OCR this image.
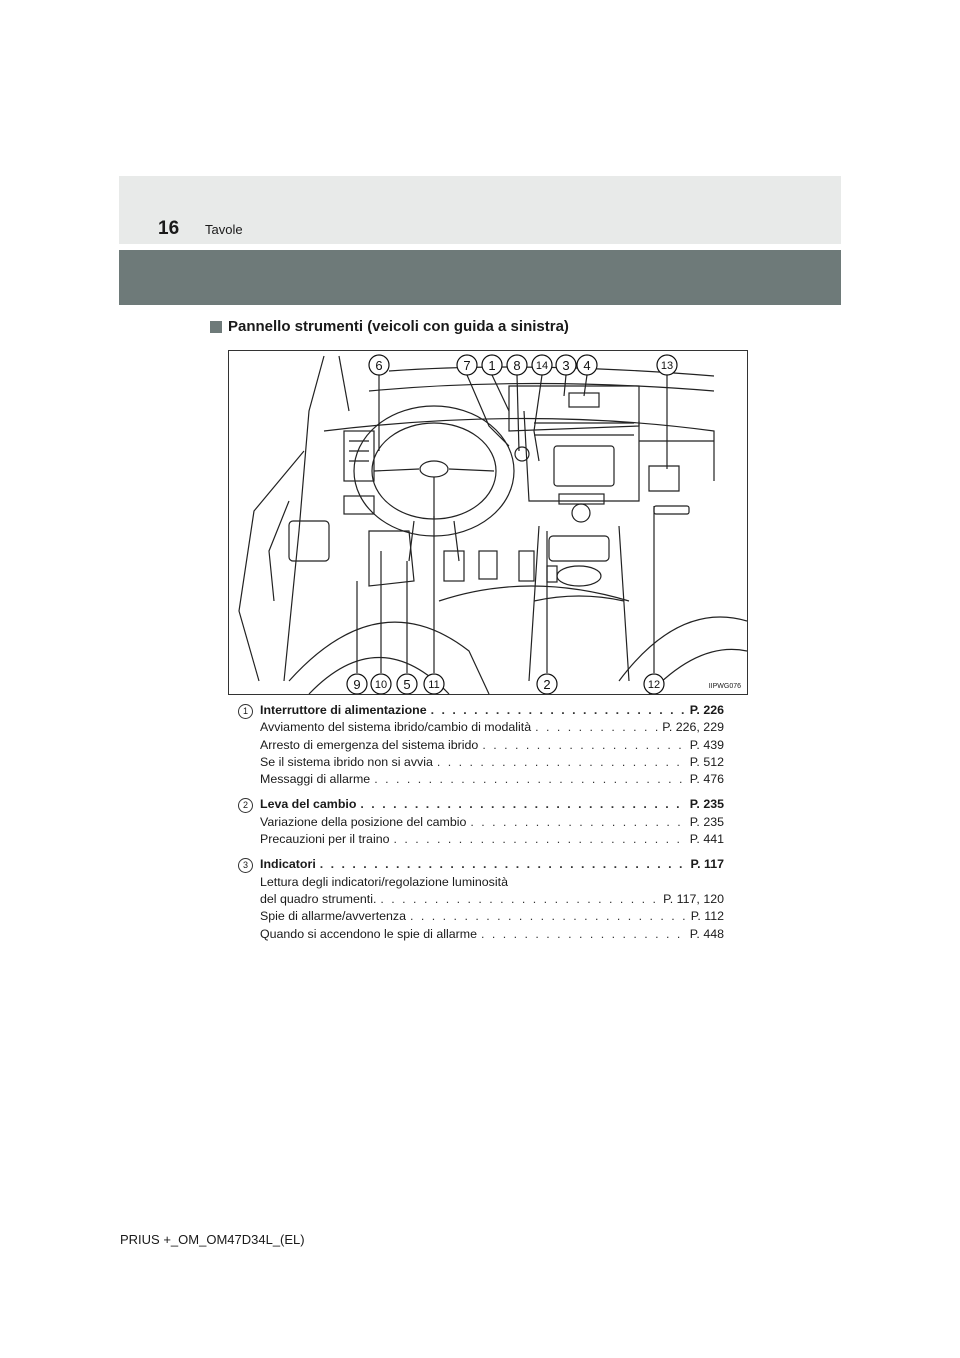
16 Tavole
Pannello strumenti (veicoli con guida a sinistra)
6	7 1 8 14 3 4	13
9 10 5 11	2	12	IIPWG076
1 Interruttore di alimentazione . . .	P. 226
Avviamento del sistema ibrido/cambio di modalità . . .	P. 226, 229
Arresto di emergenza del sistema ibrido . . .	P. 439
Se il sistema ibrido non si avvia . . .	P. 512
Messaggi di allarme . . .	P. 476
2 Leva del cambio . . .	P. 235
Variazione della posizione del cambio . . .	P. 235
Precauzioni per il traino . . .	P. 441
3 Indicatori . . .	P. 117
Lettura degli indicatori/regolazione luminosità
del quadro strumenti. . . .	P. 117, 120
Spie di allarme/avvertenza . . .	P. 112
Quando si accendono le spie di allarme . . .	P. 448
PRIUS +_OM_OM47D34L_(EL)
